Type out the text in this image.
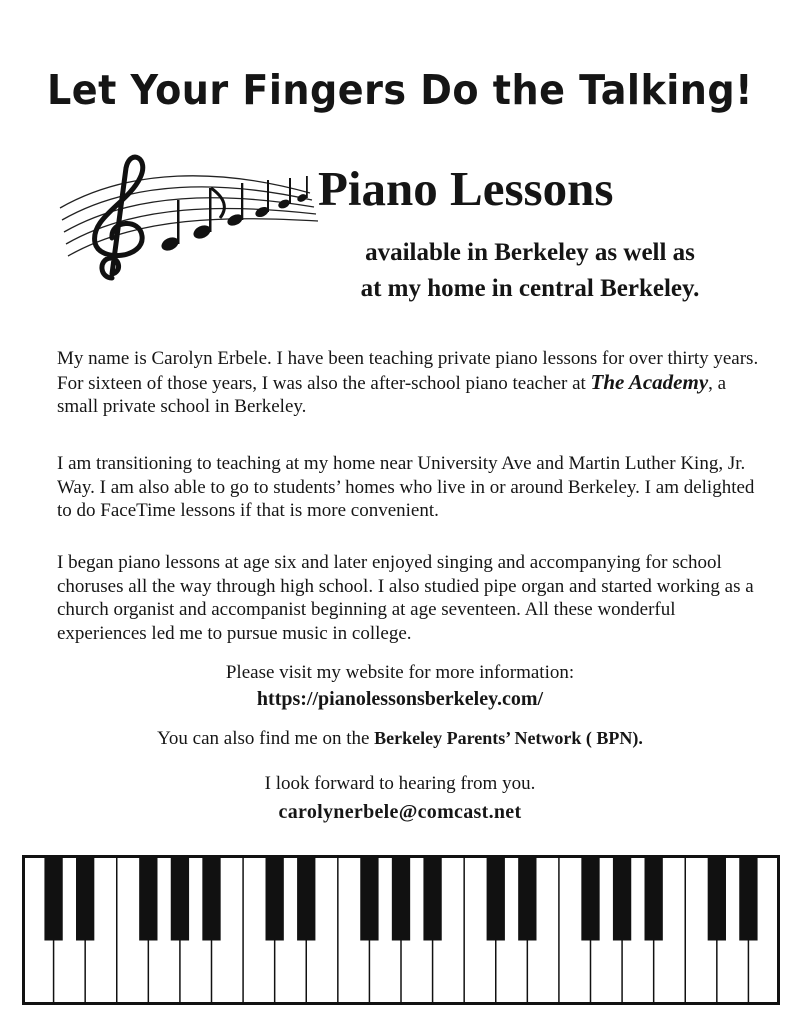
Let Your Fingers Do the Talking!
Piano Lessons
available in Berkeley as well as
at my home in central Berkeley.

My name is Carolyn Erbele. I have been teaching private piano lessons for over thirty years. For sixteen of those years, I was also the after-school piano teacher at The Academy, a small private school in Berkeley.

I am transitioning to teaching at my home near University Ave and Martin Luther King, Jr. Way. I am also able to go to students’ homes who live in or around Berkeley. I am delighted to do FaceTime lessons if that is more convenient.

I began piano lessons at age six and later enjoyed singing and accompanying for school choruses all the way through high school. I also studied pipe organ and started working as a church organist and accompanist beginning at age seventeen. All these wonderful experiences led me to pursue music in college.

Please visit my website for more information:

https://pianolessonsberkeley.com/

You can also find me on the Berkeley Parents’ Network ( BPN).

I look forward to hearing from you.

carolynerbele@comcast.net
